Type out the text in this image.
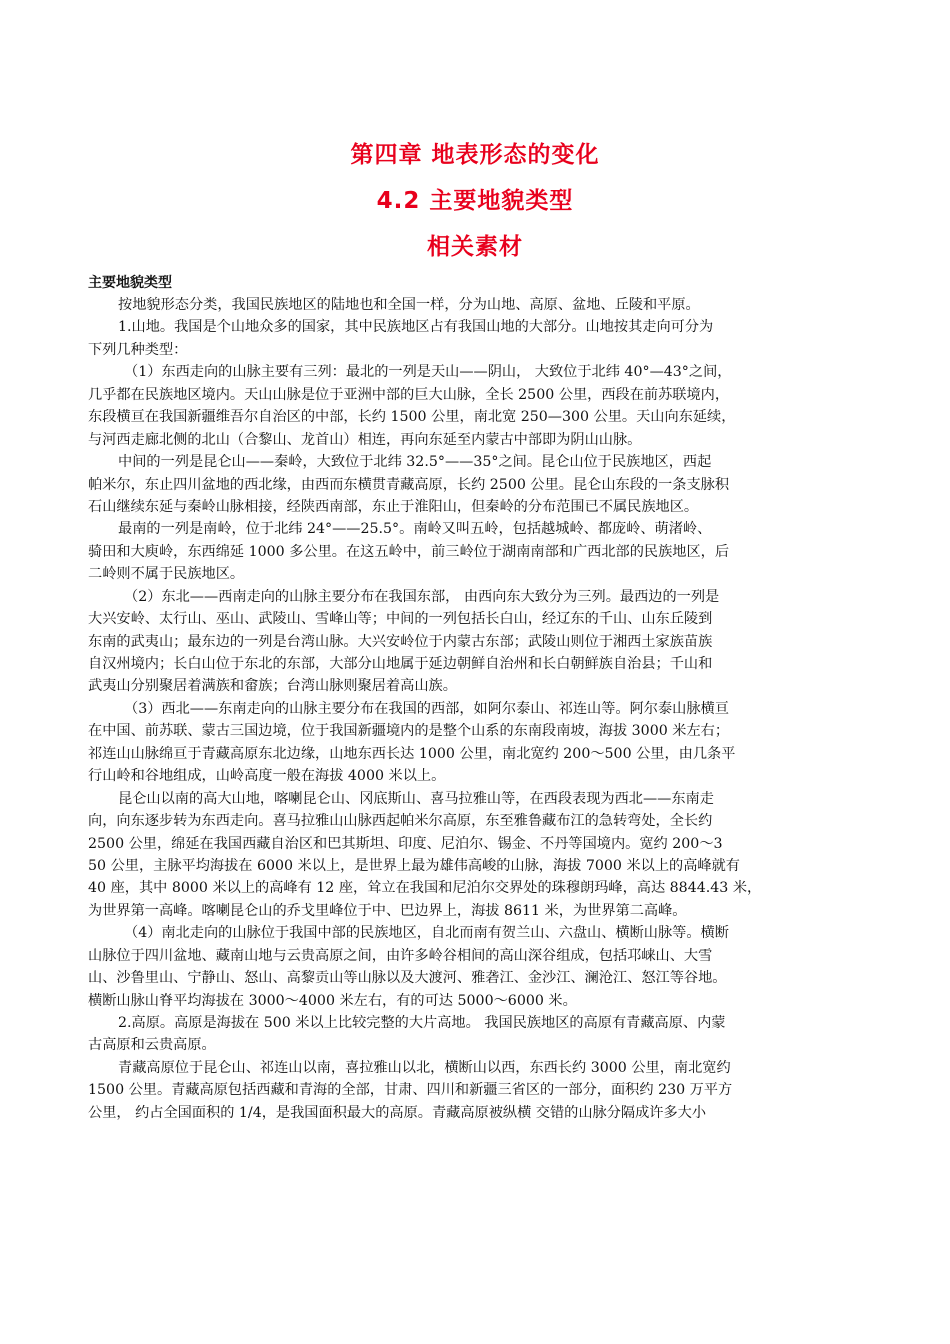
第四章 地表形态的变化
4.2 主要地貌类型
相关素材
主要地貌类型
按地貌形态分类，我国民族地区的陆地也和全国一样，分为山地、高原、盆地、丘陵和平原。
1.山地。我国是个山地众多的国家，其中民族地区占有我国山地的大部分。山地按其走向可分为
下列几种类型：
（1）东西走向的山脉主要有三列：最北的一列是天山——阴山， 大致位于北纬 40°—43°之间，
几乎都在民族地区境内。天山山脉是位于亚洲中部的巨大山脉，全长 2500 公里，西段在前苏联境内，
东段横亘在我国新疆维吾尔自治区的中部，长约 1500 公里，南北宽 250—300 公里。天山向东延续，
与河西走廊北侧的北山（合黎山、龙首山）相连，再向东延至内蒙古中部即为阴山山脉。
中间的一列是昆仑山——秦岭，大致位于北纬 32.5°——35°之间。昆仑山位于民族地区，西起
帕米尔，东止四川盆地的西北缘，由西而东横贯青藏高原，长约 2500 公里。昆仑山东段的一条支脉积
石山继续东延与秦岭山脉相接，经陕西南部，东止于淮阳山，但秦岭的分布范围已不属民族地区。
最南的一列是南岭，位于北纬 24°——25.5°。南岭又叫五岭，包括越城岭、都庞岭、萌渚岭、
骑田和大庾岭，东西绵延 1000 多公里。在这五岭中，前三岭位于湖南南部和广西北部的民族地区，后
二岭则不属于民族地区。
（2）东北——西南走向的山脉主要分布在我国东部， 由西向东大致分为三列。最西边的一列是
大兴安岭、太行山、巫山、武陵山、雪峰山等；中间的一列包括长白山，经辽东的千山、山东丘陵到
东南的武夷山；最东边的一列是台湾山脉。大兴安岭位于内蒙古东部；武陵山则位于湘西土家族苗族
自汉州境内；长白山位于东北的东部，大部分山地属于延边朝鲜自治州和长白朝鲜族自治县；千山和
武夷山分别聚居着满族和畲族；台湾山脉则聚居着高山族。
（3）西北——东南走向的山脉主要分布在我国的西部，如阿尔泰山、祁连山等。阿尔泰山脉横亘
在中国、前苏联、蒙古三国边境，位于我国新疆境内的是整个山系的东南段南坡，海拔 3000 米左右；
祁连山山脉绵亘于青藏高原东北边缘，山地东西长达 1000 公里，南北宽约 200～500 公里，由几条平
行山岭和谷地组成，山岭高度一般在海拔 4000 米以上。
昆仑山以南的高大山地，喀喇昆仑山、冈底斯山、喜马拉雅山等，在西段表现为西北——东南走
向，向东逐步转为东西走向。喜马拉雅山山脉西起帕米尔高原，东至雅鲁藏布江的急转弯处，全长约
2500 公里，绵延在我国西藏自治区和巴其斯坦、印度、尼泊尔、锡金、不丹等国境内。宽约 200～3
50 公里，主脉平均海拔在 6000 米以上，是世界上最为雄伟高峻的山脉，海拔 7000 米以上的高峰就有
40 座，其中 8000 米以上的高峰有 12 座，耸立在我国和尼泊尔交界处的珠穆朗玛峰，高达 8844.43 米，
为世界第一高峰。喀喇昆仑山的乔戈里峰位于中、巴边界上，海拔 8611 米，为世界第二高峰。
（4）南北走向的山脉位于我国中部的民族地区，自北而南有贺兰山、六盘山、横断山脉等。横断
山脉位于四川盆地、藏南山地与云贵高原之间，由许多岭谷相间的高山深谷组成，包括邛崃山、大雪
山、沙鲁里山、宁静山、怒山、高黎贡山等山脉以及大渡河、雅砻江、金沙江、澜沧江、怒江等谷地。
横断山脉山脊平均海拔在 3000～4000 米左右，有的可达 5000～6000 米。
2.高原。高原是海拔在 500 米以上比较完整的大片高地。 我国民族地区的高原有青藏高原、内蒙
古高原和云贵高原。
青藏高原位于昆仑山、祁连山以南，喜拉雅山以北，横断山以西，东西长约 3000 公里，南北宽约
1500 公里。青藏高原包括西藏和青海的全部，甘肃、四川和新疆三省区的一部分，面积约 230 万平方
公里， 约占全国面积的 1/4，是我国面积最大的高原。青藏高原被纵横 交错的山脉分隔成许多大小
